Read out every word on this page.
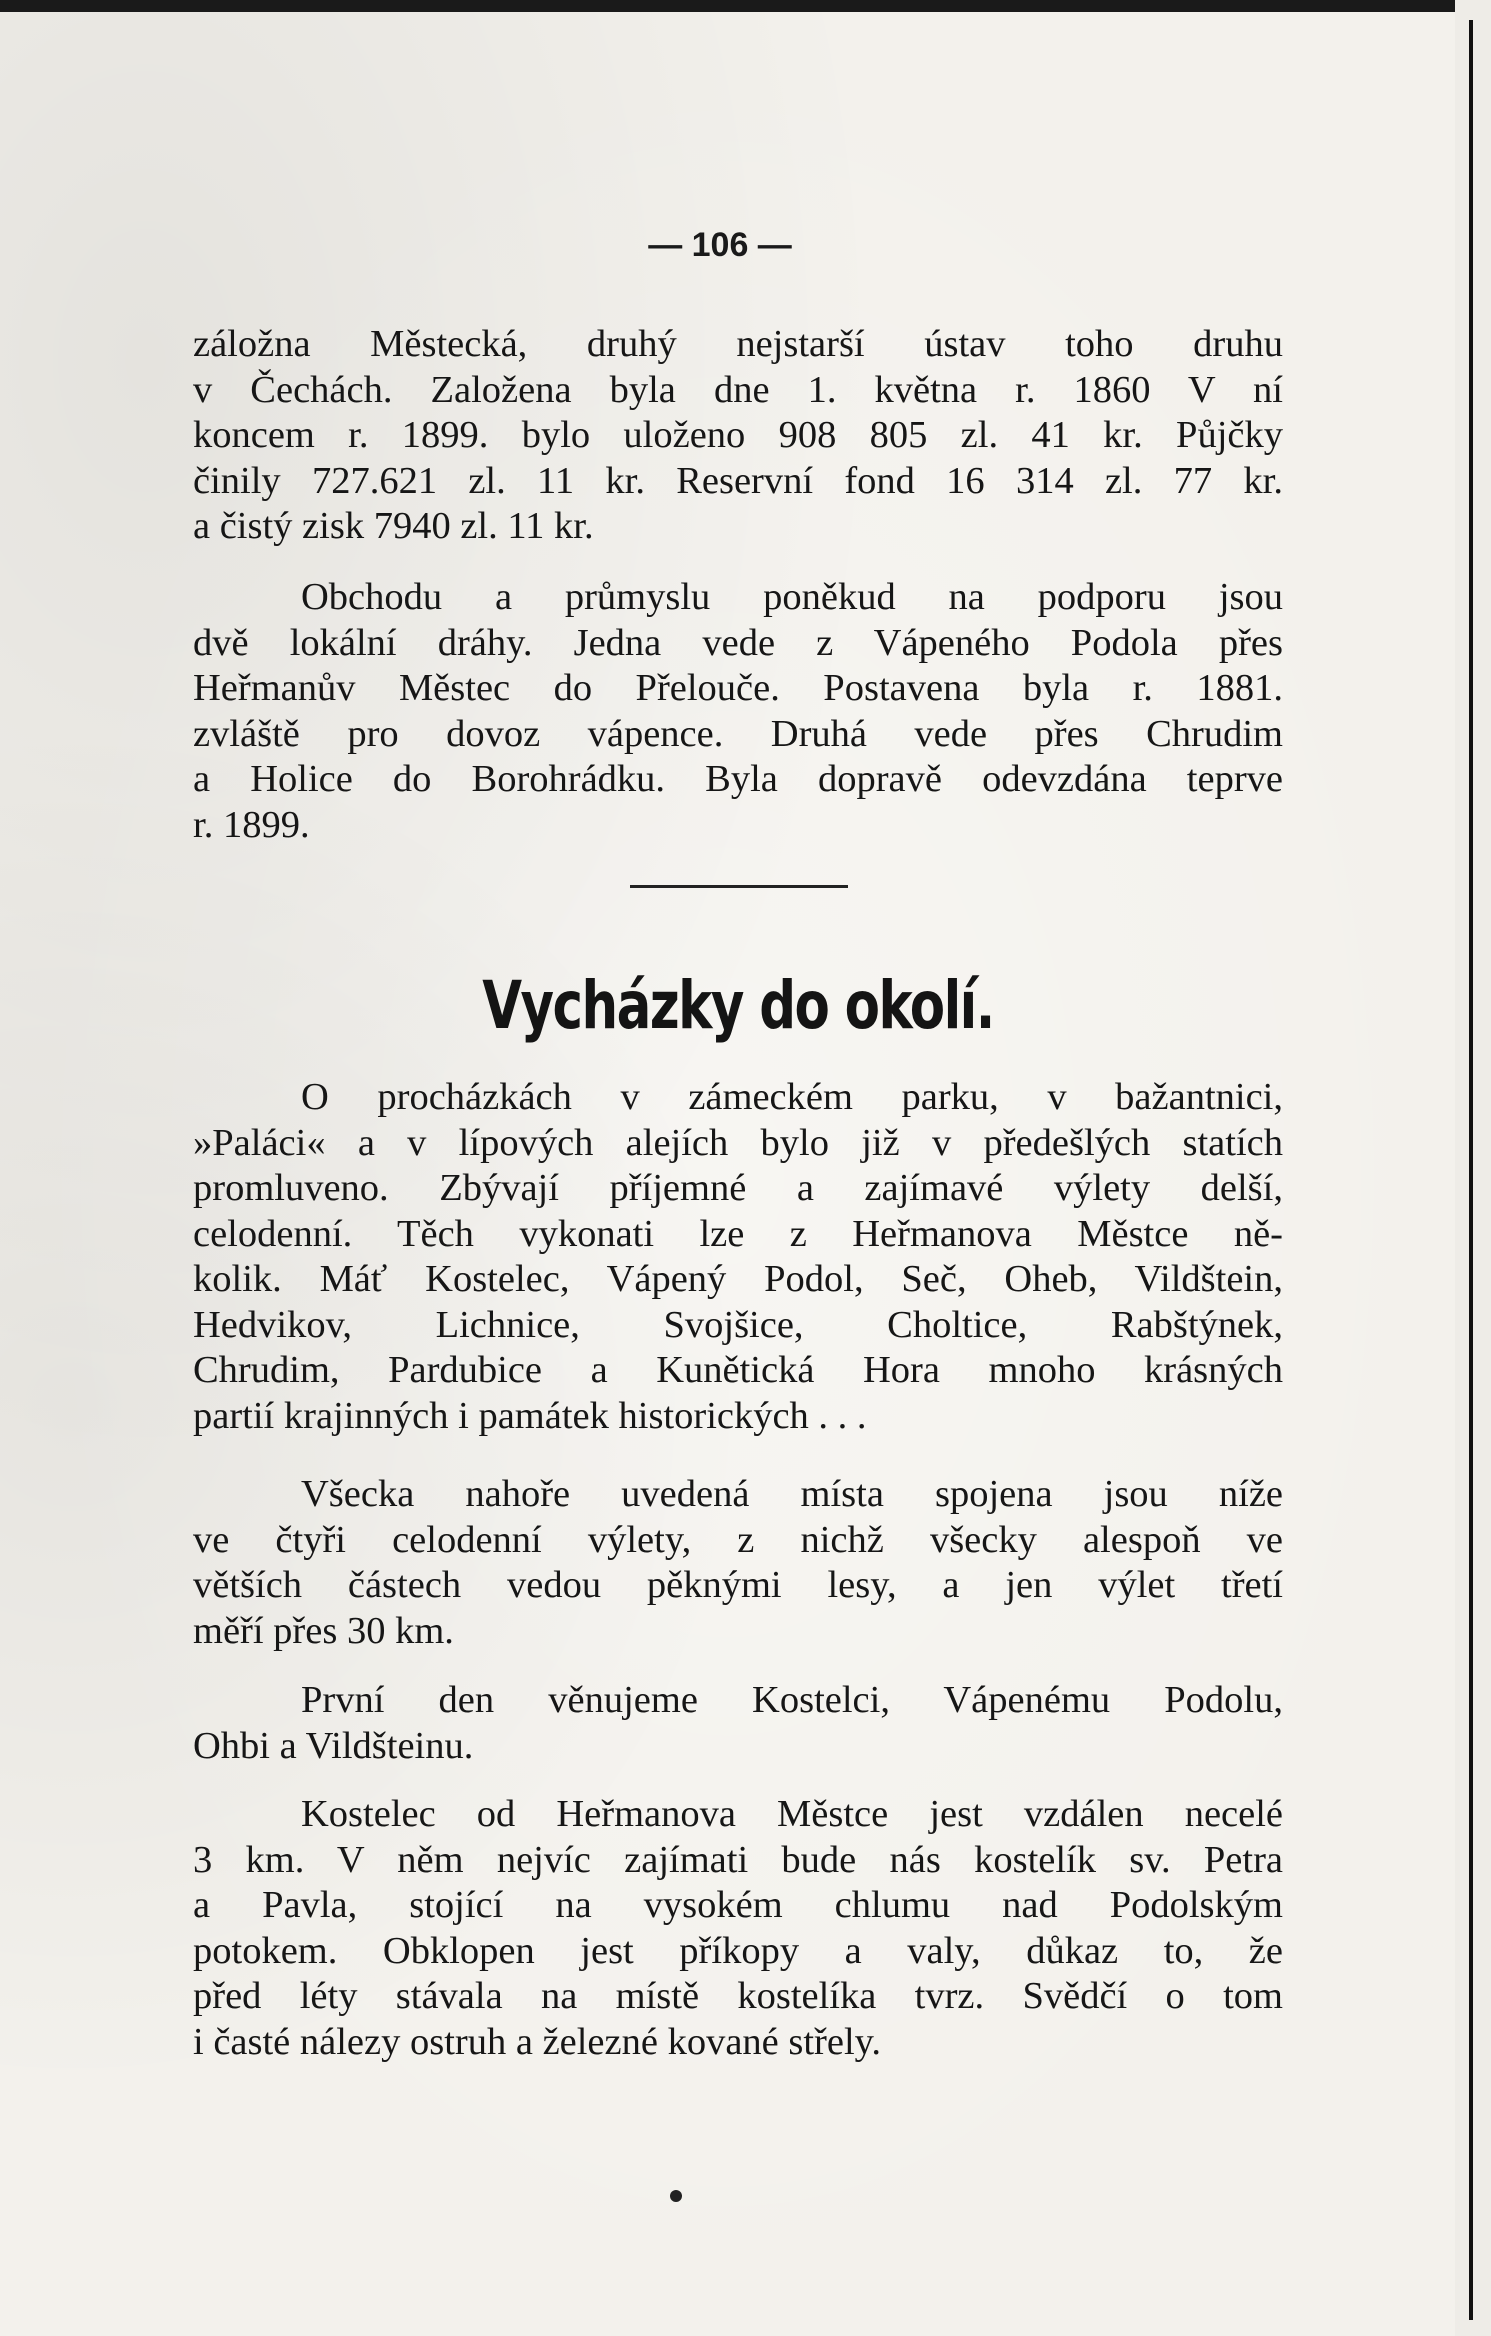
— 106 —
záložna Městecká, druhý nejstarší ústav toho druhu
v Čechách. Založena byla dne 1. května r. 1860 V ní
koncem r. 1899. bylo uloženo 908 805 zl. 41 kr. Půjčky
činily 727.621 zl. 11 kr. Reservní fond 16 314 zl. 77 kr.
a čistý zisk 7940 zl. 11 kr.
Obchodu a průmyslu poněkud na podporu jsou
dvě lokální dráhy. Jedna vede z Vápeného Podola přes
Heřmanův Městec do Přelouče. Postavena byla r. 1881.
zvláště pro dovoz vápence. Druhá vede přes Chrudim
a Holice do Borohrádku. Byla dopravě odevzdána teprve
r. 1899.
Vycházky do okolí.
O procházkách v zámeckém parku, v bažantnici,
»Paláci« a v lípových alejích bylo již v předešlých statích
promluveno. Zbývají příjemné a zajímavé výlety delší,
celodenní. Těch vykonati lze z Heřmanova Městce ně-
kolik. Máť Kostelec, Vápený Podol, Seč, Oheb, Vildštein,
Hedvikov, Lichnice, Svojšice, Choltice, Rabštýnek,
Chrudim, Pardubice a Kunětická Hora mnoho krásných
partií krajinných i památek historických . . .
Všecka nahoře uvedená místa spojena jsou níže
ve čtyři celodenní výlety, z nichž všecky alespoň ve
větších částech vedou pěknými lesy, a jen výlet třetí
měří přes 30 km.
První den věnujeme Kostelci, Vápenému Podolu,
Ohbi a Vildšteinu.
Kostelec od Heřmanova Městce jest vzdálen necelé
3 km. V něm nejvíc zajímati bude nás kostelík sv. Petra
a Pavla, stojící na vysokém chlumu nad Podolským
potokem. Obklopen jest příkopy a valy, důkaz to, že
před léty stávala na místě kostelíka tvrz. Svědčí o tom
i časté nálezy ostruh a železné kované střely.
